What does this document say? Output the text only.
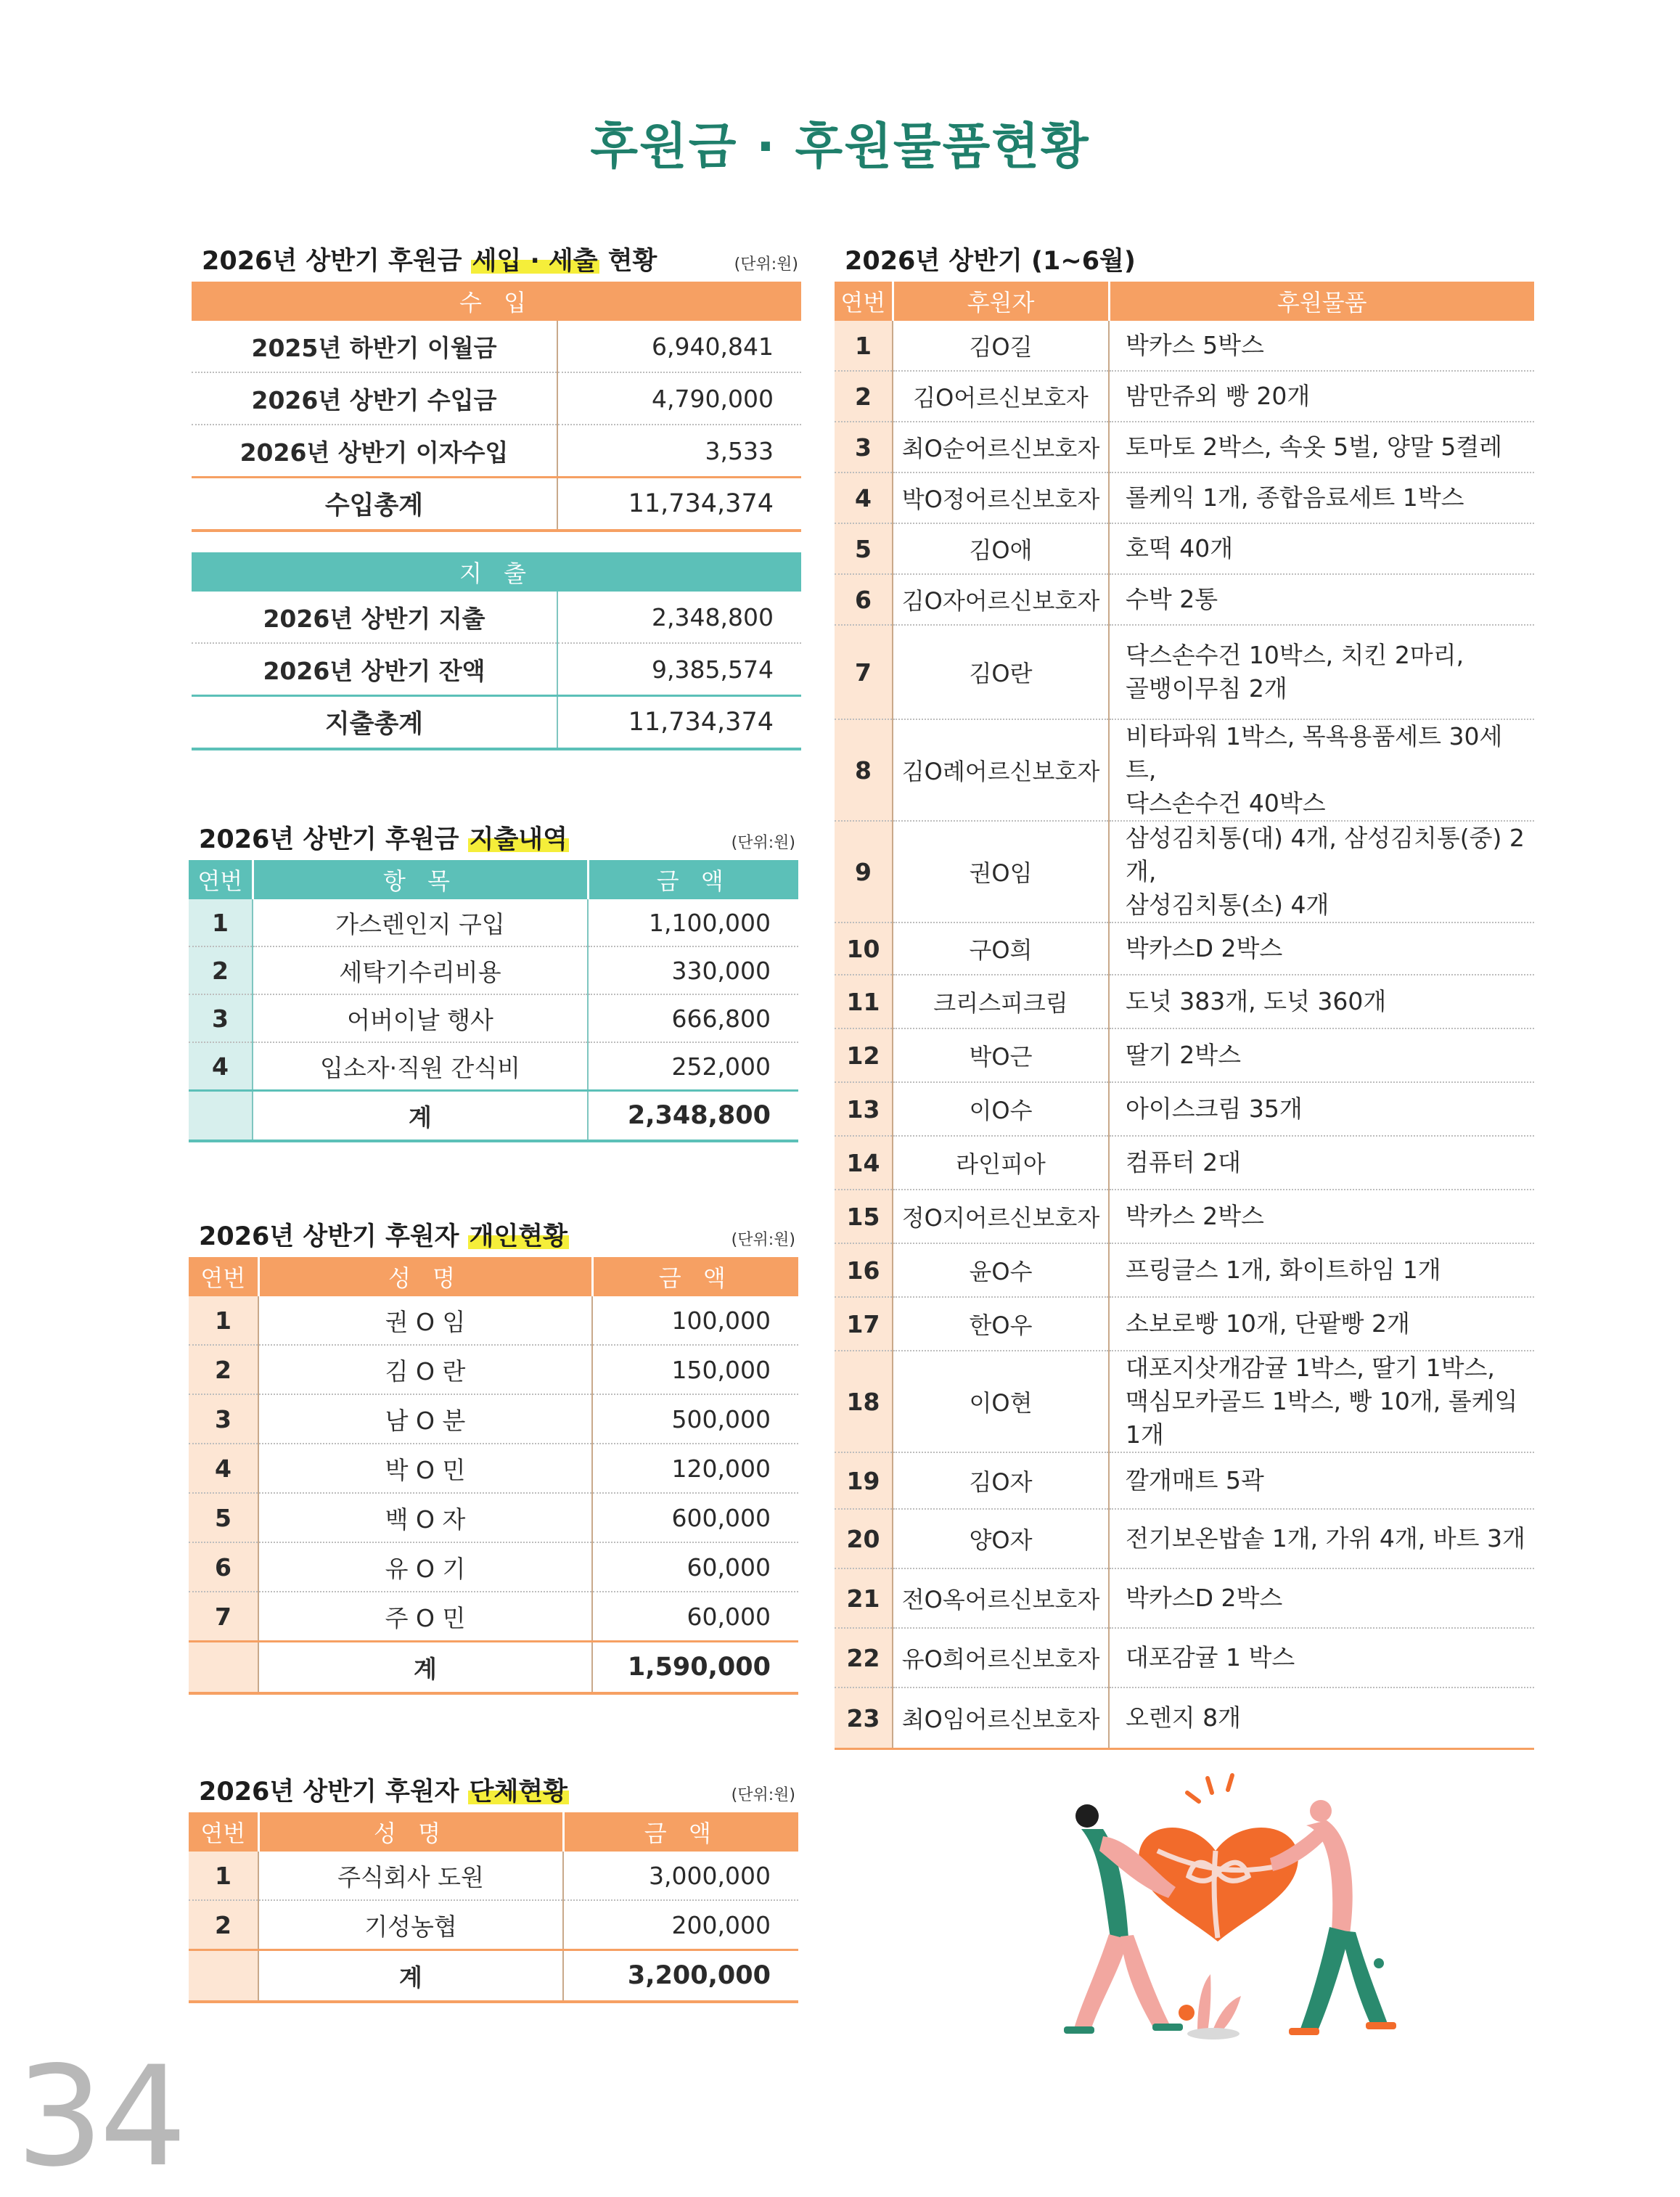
후원금 · 후원물품현황
2026년 상반기 후원금 세입 · 세출 현황	(단위:원)
수 입	
2025년 하반기 이월금	6,940,841
2026년 상반기 수입금	4,790,000
2026년 상반기 이자수입	3,533
수입총계	11,734,374
지 출	
2026년 상반기 지출	2,348,800
2026년 상반기 잔액	9,385,574
지출총계	11,734,374
2026년 상반기 후원금 지출내역	(단위:원)
연번	항 목	금 액
1	가스렌인지 구입	1,100,000
2	세탁기수리비용	330,000
3	어버이날 행사	666,800
4	입소자·직원 간식비	252,000
	계	2,348,800
2026년 상반기 후원자 개인현황	(단위:원)
연번	성 명	금 액
1	권 O 임	100,000
2	김 O 란	150,000
3	남 O 분	500,000
4	박 O 민	120,000
5	백 O 자	600,000
6	유 O 기	60,000
7	주 O 민	60,000
	계	1,590,000
2026년 상반기 후원자 단체현황	(단위:원)
연번	성 명	금 액
1	주식회사 도원	3,000,000
2	기성농협	200,000
	계	3,200,000
2026년 상반기 (1~6월)
연번	후원자	후원물품
1	김O길	박카스 5박스

2	김O어르신보호자	밤만쥬외 빵 20개

3	최O순어르신보호자	토마토 2박스, 속옷 5벌, 양말 5켤레

4	박O정어르신보호자	롤케익 1개, 종합음료세트 1박스

5	김O애	호떡 40개

6	김O자어르신보호자	수박 2통

7	김O란	닥스손수건 10박스, 치킨 2마리,
골뱅이무침 2개

8	김O례어르신보호자	비타파워 1박스, 목욕용품세트 30세트,
닥스손수건 40박스

9	권O임	삼성김치통(대) 4개, 삼성김치통(중) 2개,
삼성김치통(소) 4개

10	구O희	박카스D 2박스

11	크리스피크림	도넛 383개, 도넛 360개

12	박O근	딸기 2박스

13	이O수	아이스크림 35개

14	라인피아	컴퓨터 2대

15	정O지어르신보호자	박카스 2박스

16	윤O수	프링글스 1개, 화이트하임 1개

17	한O우	소보로빵 10개, 단팥빵 2개

18	이O현	대포지삿개감귤 1박스, 딸기 1박스,
맥심모카골드 1박스, 빵 10개, 롤케잌 1개

19	김O자	깔개매트 5곽

20	양O자	전기보온밥솥 1개, 가위 4개, 바트 3개

21	전O옥어르신보호자	박카스D 2박스

22	유O희어르신보호자	대포감귤 1 박스

23	최O임어르신보호자	오렌지 8개
34
